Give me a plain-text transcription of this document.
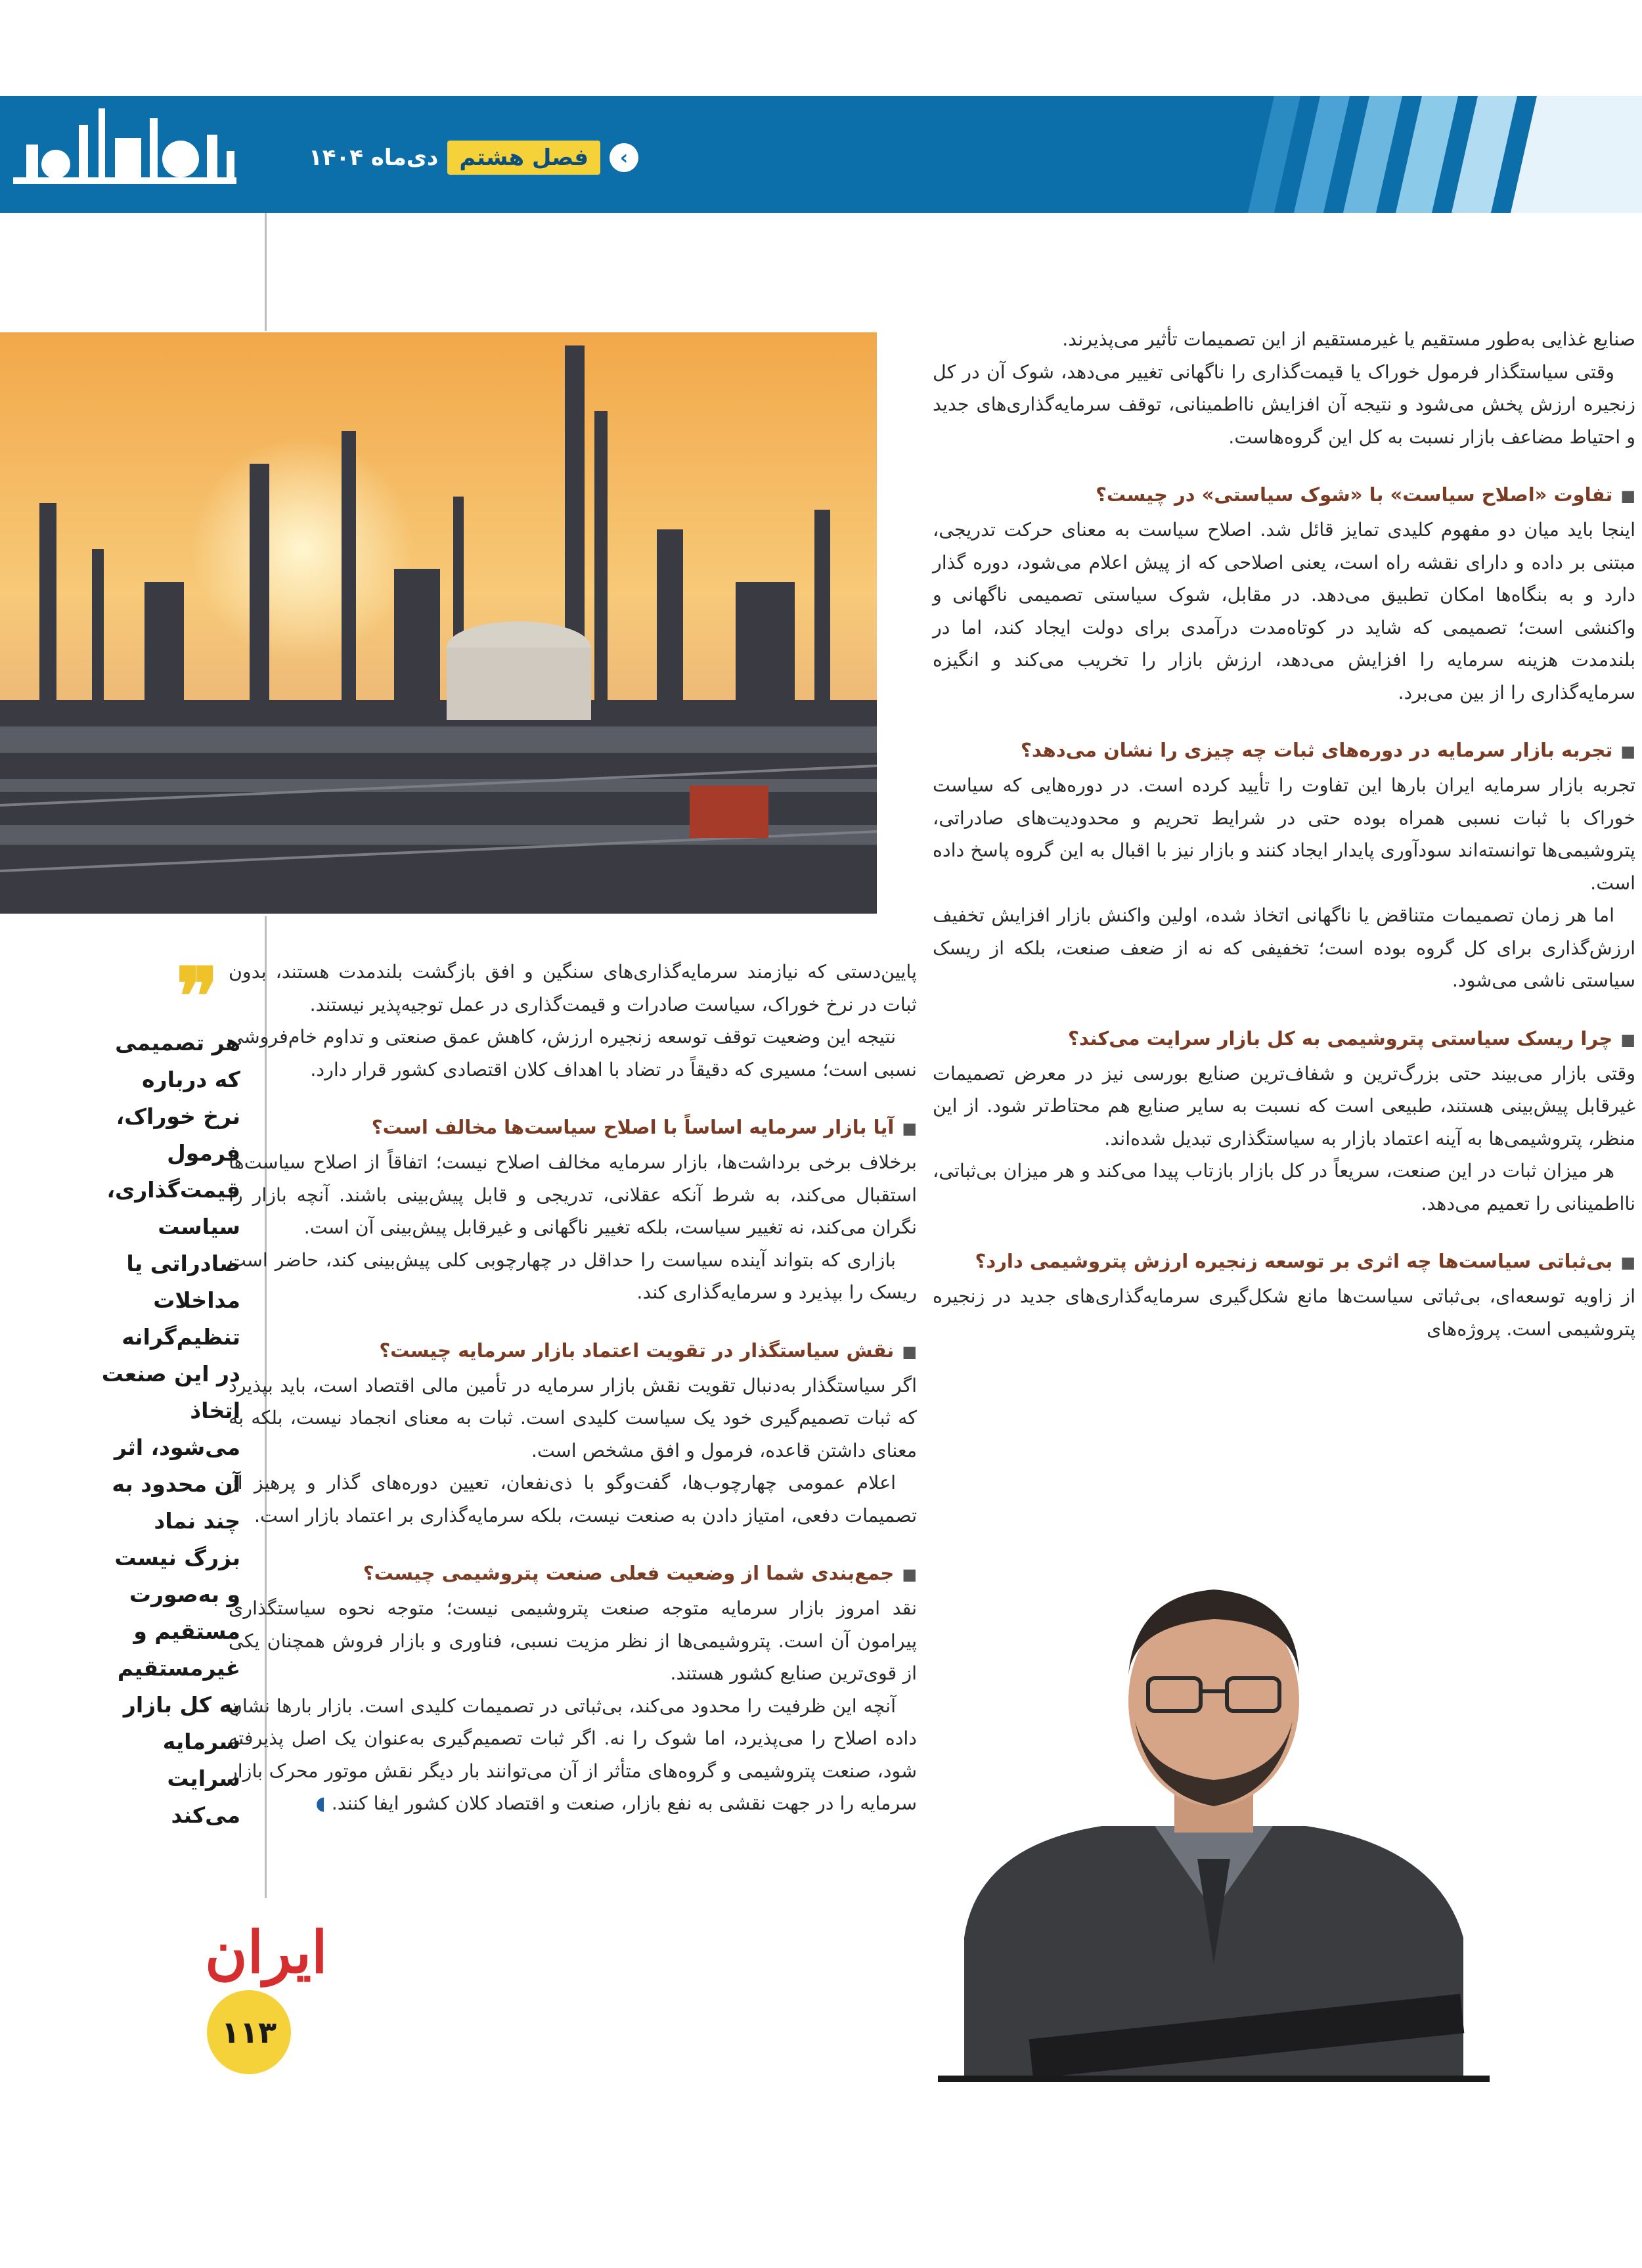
‹
فصل هشتم
دی‌ماه ۱۴۰۴

صنایع غذایی به‌طور مستقیم یا غیرمستقیم از این تصمیمات تأثیر می‌پذیرند.

وقتی سیاستگذار فرمول خوراک یا قیمت‌گذاری را ناگهانی تغییر می‌دهد، شوک آن در کل زنجیره ارزش پخش می‌شود و نتیجه آن افزایش نااطمینانی، توقف سرمایه‌گذاری‌های جدید و احتیاط مضاعف بازار نسبت به کل این گروه‌هاست.

■تفاوت «اصلاح سیاست» با «شوک سیاستی» در چیست؟

اینجا باید میان دو مفهوم کلیدی تمایز قائل شد. اصلاح سیاست به معنای حرکت تدریجی، مبتنی بر داده و دارای نقشه راه است، یعنی اصلاحی که از پیش اعلام می‌شود، دوره گذار دارد و به بنگاه‌ها امکان تطبیق می‌دهد. در مقابل، شوک سیاستی تصمیمی ناگهانی و واکنشی است؛ تصمیمی که شاید در کوتاه‌مدت درآمدی برای دولت ایجاد کند، اما در بلندمدت هزینه سرمایه را افزایش می‌دهد، ارزش بازار را تخریب می‌کند و انگیزه سرمایه‌گذاری را از بین می‌برد.

■تجربه بازار سرمایه در دوره‌های ثبات چه چیزی را نشان می‌دهد؟

تجربه بازار سرمایه ایران بارها این تفاوت را تأیید کرده است. در دوره‌هایی که سیاست خوراک با ثبات نسبی همراه بوده حتی در شرایط تحریم و محدودیت‌های صادراتی، پتروشیمی‌ها توانسته‌اند سودآوری پایدار ایجاد کنند و بازار نیز با اقبال به این گروه پاسخ داده است.

اما هر زمان تصمیمات متناقض یا ناگهانی اتخاذ شده، اولین واکنش بازار افزایش تخفیف ارزش‌گذاری برای کل گروه بوده است؛ تخفیفی که نه از ضعف صنعت، بلکه از ریسک سیاستی ناشی می‌شود.

■چرا ریسک سیاستی پتروشیمی به کل بازار سرایت می‌کند؟

وقتی بازار می‌بیند حتی بزرگ‌ترین و شفاف‌ترین صنایع بورسی نیز در معرض تصمیمات غیرقابل پیش‌بینی هستند، طبیعی است که نسبت به سایر صنایع هم محتاط‌تر شود. از این منظر، پتروشیمی‌ها به آینه اعتماد بازار به سیاستگذاری تبدیل شده‌اند.

هر میزان ثبات در این صنعت، سریعاً در کل بازار بازتاب پیدا می‌کند و هر میزان بی‌ثباتی، نااطمینانی را تعمیم می‌دهد.

■بی‌ثباتی سیاست‌ها چه اثری بر توسعه زنجیره ارزش پتروشیمی دارد؟

از زاویه توسعه‌ای، بی‌ثباتی سیاست‌ها مانع شکل‌گیری سرمایه‌گذاری‌های جدید در زنجیره پتروشیمی است. پروژه‌های

پایین‌دستی که نیازمند سرمایه‌گذاری‌های سنگین و افق بازگشت بلندمدت هستند، بدون ثبات در نرخ خوراک، سیاست صادرات و قیمت‌گذاری در عمل توجیه‌پذیر نیستند.

نتیجه این وضعیت توقف توسعه زنجیره ارزش، کاهش عمق صنعتی و تداوم خام‌فروشی نسبی است؛ مسیری که دقیقاً در تضاد با اهداف کلان اقتصادی کشور قرار دارد.

■آیا بازار سرمایه اساساً با اصلاح سیاست‌ها مخالف است؟

برخلاف برخی برداشت‌ها، بازار سرمایه مخالف اصلاح نیست؛ اتفاقاً از اصلاح سیاست‌ها استقبال می‌کند، به شرط آنکه عقلانی، تدریجی و قابل پیش‌بینی باشند. آنچه بازار را نگران می‌کند، نه تغییر سیاست، بلکه تغییر ناگهانی و غیرقابل پیش‌بینی آن است.

بازاری که بتواند آینده سیاست را حداقل در چهارچوبی کلی پیش‌بینی کند، حاضر است ریسک را بپذیرد و سرمایه‌گذاری کند.

■نقش سیاستگذار در تقویت اعتماد بازار سرمایه چیست؟

اگر سیاستگذار به‌دنبال تقویت نقش بازار سرمایه در تأمین مالی اقتصاد است، باید بپذیرد که ثبات تصمیم‌گیری خود یک سیاست کلیدی است. ثبات به معنای انجماد نیست، بلکه به معنای داشتن قاعده، فرمول و افق مشخص است.

اعلام عمومی چهارچوب‌ها، گفت‌وگو با ذی‌نفعان، تعیین دوره‌های گذار و پرهیز از تصمیمات دفعی، امتیاز دادن به صنعت نیست، بلکه سرمایه‌گذاری بر اعتماد بازار است.

■جمع‌بندی شما از وضعیت فعلی صنعت پتروشیمی چیست؟

نقد امروز بازار سرمایه متوجه صنعت پتروشیمی نیست؛ متوجه نحوه سیاستگذاری پیرامون آن است. پتروشیمی‌ها از نظر مزیت نسبی، فناوری و بازار فروش همچنان یکی از قوی‌ترین صنایع کشور هستند.

آنچه این ظرفیت را محدود می‌کند، بی‌ثباتی در تصمیمات کلیدی است. بازار بارها نشان داده اصلاح را می‌پذیرد، اما شوک را نه. اگر ثبات تصمیم‌گیری به‌عنوان یک اصل پذیرفته شود، صنعت پتروشیمی و گروه‌های متأثر از آن می‌توانند بار دیگر نقش موتور محرک بازار سرمایه را در جهت نقشی به نفع بازار، صنعت و اقتصاد کلان کشور ایفا کنند. ◖

❞
هر تصمیمی که درباره نرخ خوراک، فرمول قیمت‌گذاری، سیاست صادراتی یا مداخلات تنظیم‌گرانه در این صنعت اتخاذ می‌شود، اثر آن محدود به چند نماد بزرگ نیست و به‌صورت مستقیم و غیرمستقیم به کل بازار سرمایه سرایت می‌کند
ایران
۱۱۳
